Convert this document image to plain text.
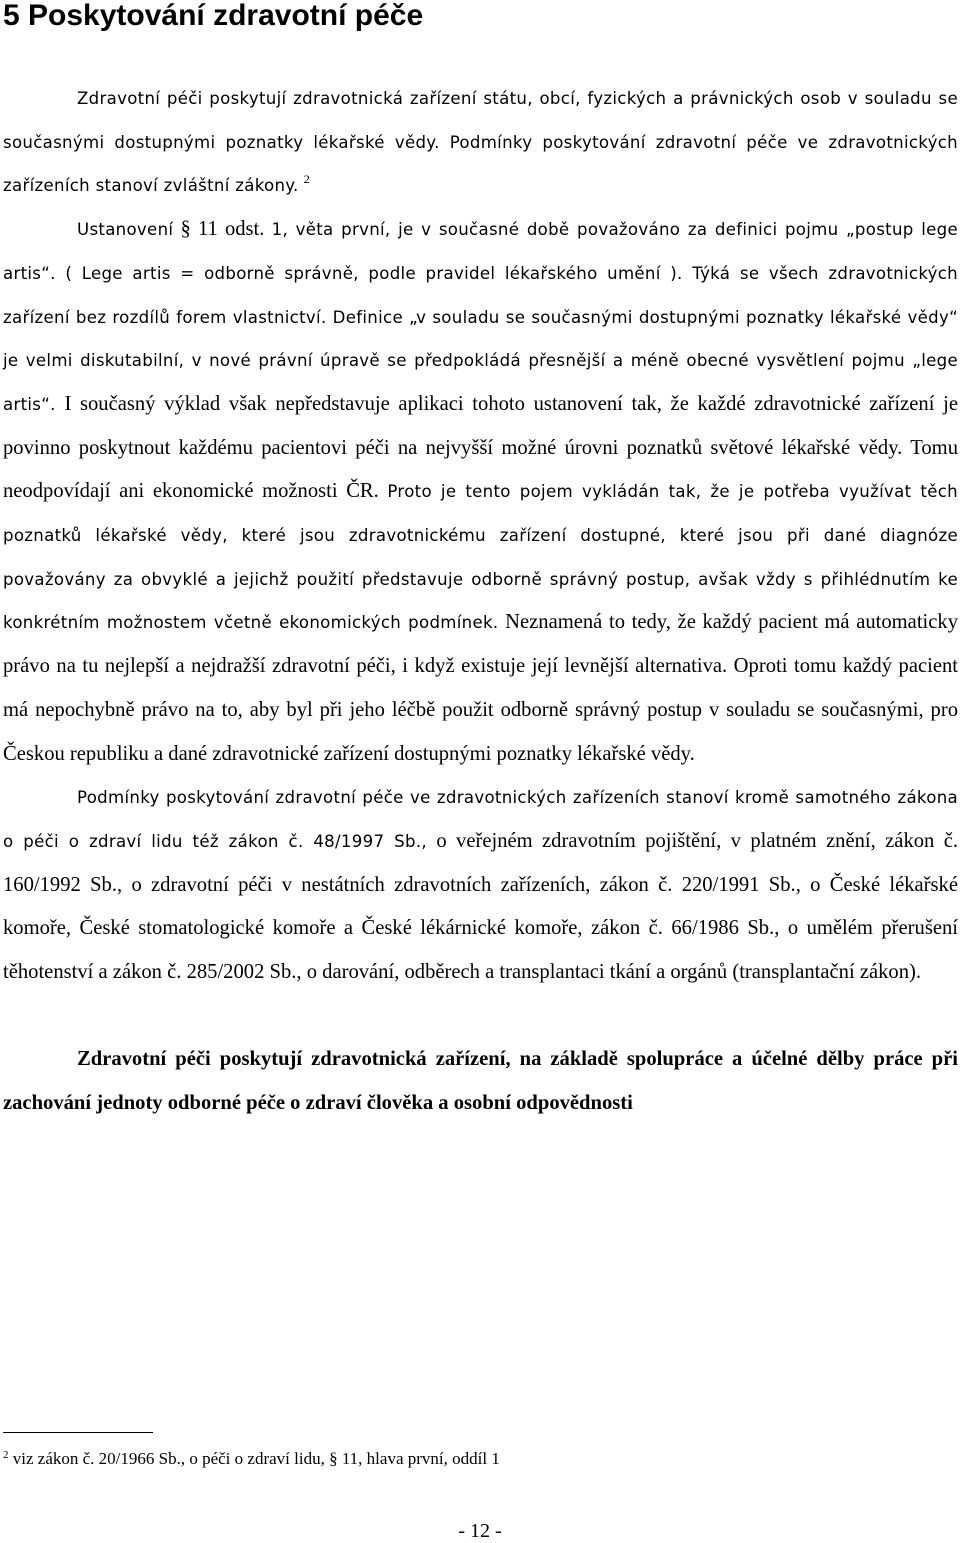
5 Poskytování zdravotní péče

Zdravotní péči poskytují zdravotnická zařízení státu, obcí, fyzických a právnických osob v souladu se současnými dostupnými poznatky lékařské vědy. Podmínky poskytování zdravotní péče ve zdravotnických zařízeních stanoví zvláštní zákony. $^2$

Ustanovení § 11 odst. 1, věta první, je v současné době považováno za definici pojmu „postup lege artis“. ( Lege artis = odborně správně, podle pravidel lékařského umění ). Týká se všech zdravotnických zařízení bez rozdílů forem vlastnictví. Definice „v souladu se současnými dostupnými poznatky lékařské vědy“ je velmi diskutabilní, v nové právní úpravě se předpokládá přesnější a méně obecné vysvětlení pojmu „lege artis“. I současný výklad však nepředstavuje aplikaci tohoto ustanovení tak, že každé zdravotnické zařízení je povinno poskytnout každému pacientovi péči na nejvyšší možné úrovni poznatků světové lékařské vědy. Tomu neodpovídají ani ekonomické možnosti ČR. Proto je tento pojem vykládán tak, že je potřeba využívat těch poznatků lékařské vědy, které jsou zdravotnickému zařízení dostupné, které jsou při dané diagnóze považovány za obvyklé a jejichž použití představuje odborně správný postup, avšak vždy s přihlédnutím ke konkrétním možnostem včetně ekonomických podmínek. Neznamená to tedy, že každý pacient má automaticky právo na tu nejlepší a nejdražší zdravotní péči, i když existuje její levnější alternativa. Oproti tomu každý pacient má nepochybně právo na to, aby byl při jeho léčbě použit odborně správný postup v souladu se současnými, pro Českou republiku a dané zdravotnické zařízení dostupnými poznatky lékařské vědy.

Podmínky poskytování zdravotní péče ve zdravotnických zařízeních stanoví kromě samotného zákona o péči o zdraví lidu též zákon č. 48/1997 Sb., o veřejném zdravotním pojištění, v platném znění, zákon č. 160/1992 Sb., o zdravotní péči v nestátních zdravotních zařízeních, zákon č. 220/1991 Sb., o České lékařské komoře, České stomatologické komoře a České lékárnické komoře, zákon č. 66/1986 Sb., o umělém přerušení těhotenství a zákon č. 285/2002 Sb., o darování, odběrech a transplantaci tkání a orgánů (transplantační zákon).

Zdravotní péči poskytují zdravotnická zařízení, na základě spolupráce a účelné dělby práce při zachování jednoty odborné péče o zdraví člověka a osobní odpovědnosti

$^2$ viz zákon č. 20/1966 Sb., o péči o zdraví lidu, § 11, hlava první, oddíl 1
- 12 -
